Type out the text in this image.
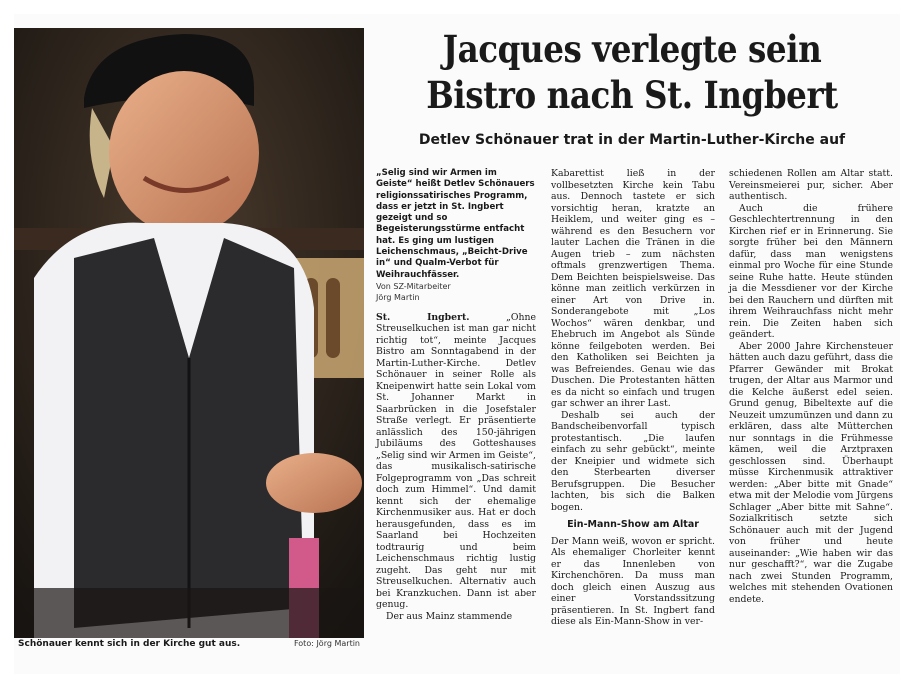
Schönauer kennt sich in der Kirche gut aus.	Foto: Jörg Martin
Jacques verlegte sein
Bistro nach St. Ingbert
Detlev Schönauer trat in der Martin-Luther-Kirche auf

„Selig sind wir Armen im Geiste“ heißt Detlev Schönauers religionssatirisches Programm, dass er jetzt in St. Ingbert gezeigt und so Begeisterungsstürme entfacht hat. Es ging um lustigen Leichenschmaus, „Beicht-Drive in“ und Qualm-Verbot für Weihrauchfässer.

Von SZ-Mitarbeiter
Jörg Martin

St. Ingbert.	„Ohne Streuselkuchen ist man gar nicht richtig tot“, meinte Jacques Bistro am Sonntagabend in der Martin-Luther-Kirche. Detlev Schönauer in seiner Rolle als Kneipenwirt hatte sein Lokal vom St. Johanner Markt in Saarbrücken in die Josefstaler Straße verlegt. Er präsentierte anlässlich des 150-jährigen Jubiläums des Gotteshauses „Selig sind wir Armen im Geiste“, das musikalisch-satirische Folgeprogramm von „Das schreit doch zum Himmel“. Und damit kennt sich der ehemalige Kirchenmusiker aus. Hat er doch herausgefunden, dass es im Saarland bei Hochzeiten todtraurig und beim Leichenschmaus richtig lustig zugeht. Das geht nur mit Streuselkuchen. Alternativ auch bei Kranzkuchen. Dann ist aber genug.

Der aus Mainz stammende

Kabarettist ließ in der vollbesetzten Kirche kein Tabu aus. Dennoch tastete er sich vorsichtig heran, kratzte an Heiklem, und weiter ging es – während es den Besuchern vor lauter Lachen die Tränen in die Augen trieb – zum nächsten oftmals grenzwertigen Thema. Dem Beichten beispielsweise. Das könne man zeitlich verkürzen in einer Art von Drive in. Sonderangebote mit „Los Wochos“ wären denkbar, und Ehebruch im Angebot als Sünde könne feilgeboten werden. Bei den Katholiken sei Beichten ja was Befreiendes. Genau wie das Duschen. Die Protestanten hätten es da nicht so einfach und trugen gar schwer an ihrer Last.

Deshalb sei auch der Bandscheibenvorfall typisch protestantisch. „Die laufen einfach zu sehr gebückt“, meinte der Kneipier und widmete sich den Sterbearten diverser Berufsgruppen. Die Besucher lachten, bis sich die Balken bogen.

Ein-Mann-Show am Altar

Der Mann weiß, wovon er spricht. Als ehemaliger Chorleiter kennt er das Innenleben von Kirchenchören. Da muss man doch gleich einen Auszug aus einer Vorstandssitzung präsentieren. In St. Ingbert fand diese als Ein-Mann-Show in ver-

schiedenen Rollen am Altar statt. Vereinsmeierei pur, sicher. Aber authentisch.

Auch die frühere Geschlechtertrennung in den Kirchen rief er in Erinnerung. Sie sorgte früher bei den Männern dafür, dass man wenigstens einmal pro Woche für eine Stunde seine Ruhe hatte. Heute stünden ja die Messdiener vor der Kirche bei den Rauchern und dürften mit ihrem Weihrauchfass nicht mehr rein. Die Zeiten haben sich geändert.

Aber 2000 Jahre Kirchensteuer hätten auch dazu geführt, dass die Pfarrer Gewänder mit Brokat trugen, der Altar aus Marmor und die Kelche äußerst edel seien. Grund genug, Bibeltexte auf die Neuzeit umzumünzen und dann zu erklären, dass alte Mütterchen nur sonntags in die Frühmesse kämen, weil die Arztpraxen geschlossen sind. Überhaupt müsse Kirchenmusik attraktiver werden: „Aber bitte mit Gnade“ etwa mit der Melodie vom Jürgens Schlager „Aber bitte mit Sahne“. Sozialkritisch setzte sich Schönauer auch mit der Jugend von früher und heute auseinander: „Wie haben wir das nur geschafft?“, war die Zugabe nach zwei Stunden Programm, welches mit stehenden Ovationen endete.
